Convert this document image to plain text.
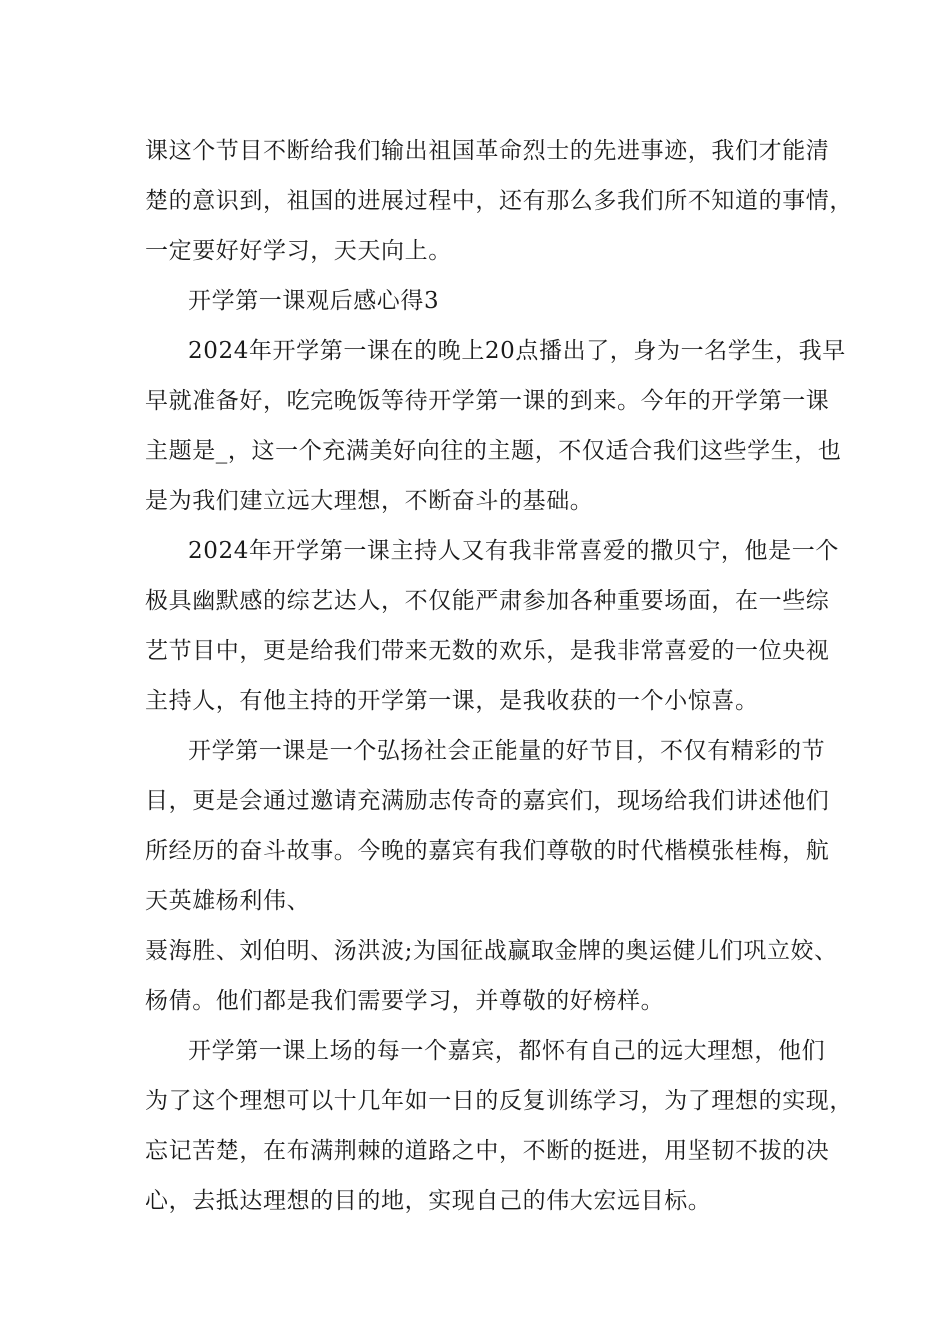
课这个节目不断给我们输出祖国革命烈士的先进事迹，我们才能清
楚的意识到，祖国的进展过程中，还有那么多我们所不知道的事情，
一定要好好学习，天天向上。
开学第一课观后感心得3
2024年开学第一课在的晚上20点播出了，身为一名学生，我早
早就准备好，吃完晚饭等待开学第一课的到来。今年的开学第一课
主题是_，这一个充满美好向往的主题，不仅适合我们这些学生，也
是为我们建立远大理想，不断奋斗的基础。
2024年开学第一课主持人又有我非常喜爱的撒贝宁，他是一个
极具幽默感的综艺达人，不仅能严肃参加各种重要场面，在一些综
艺节目中，更是给我们带来无数的欢乐，是我非常喜爱的一位央视
主持人，有他主持的开学第一课，是我收获的一个小惊喜。
开学第一课是一个弘扬社会正能量的好节目，不仅有精彩的节
目，更是会通过邀请充满励志传奇的嘉宾们，现场给我们讲述他们
所经历的奋斗故事。今晚的嘉宾有我们尊敬的时代楷模张桂梅，航
天英雄杨利伟、
聂海胜、刘伯明、汤洪波;为国征战赢取金牌的奥运健儿们巩立姣、
杨倩。他们都是我们需要学习，并尊敬的好榜样。
开学第一课上场的每一个嘉宾，都怀有自己的远大理想，他们
为了这个理想可以十几年如一日的反复训练学习，为了理想的实现，
忘记苦楚，在布满荆棘的道路之中，不断的挺进，用坚韧不拔的决
心，去抵达理想的目的地，实现自己的伟大宏远目标。
